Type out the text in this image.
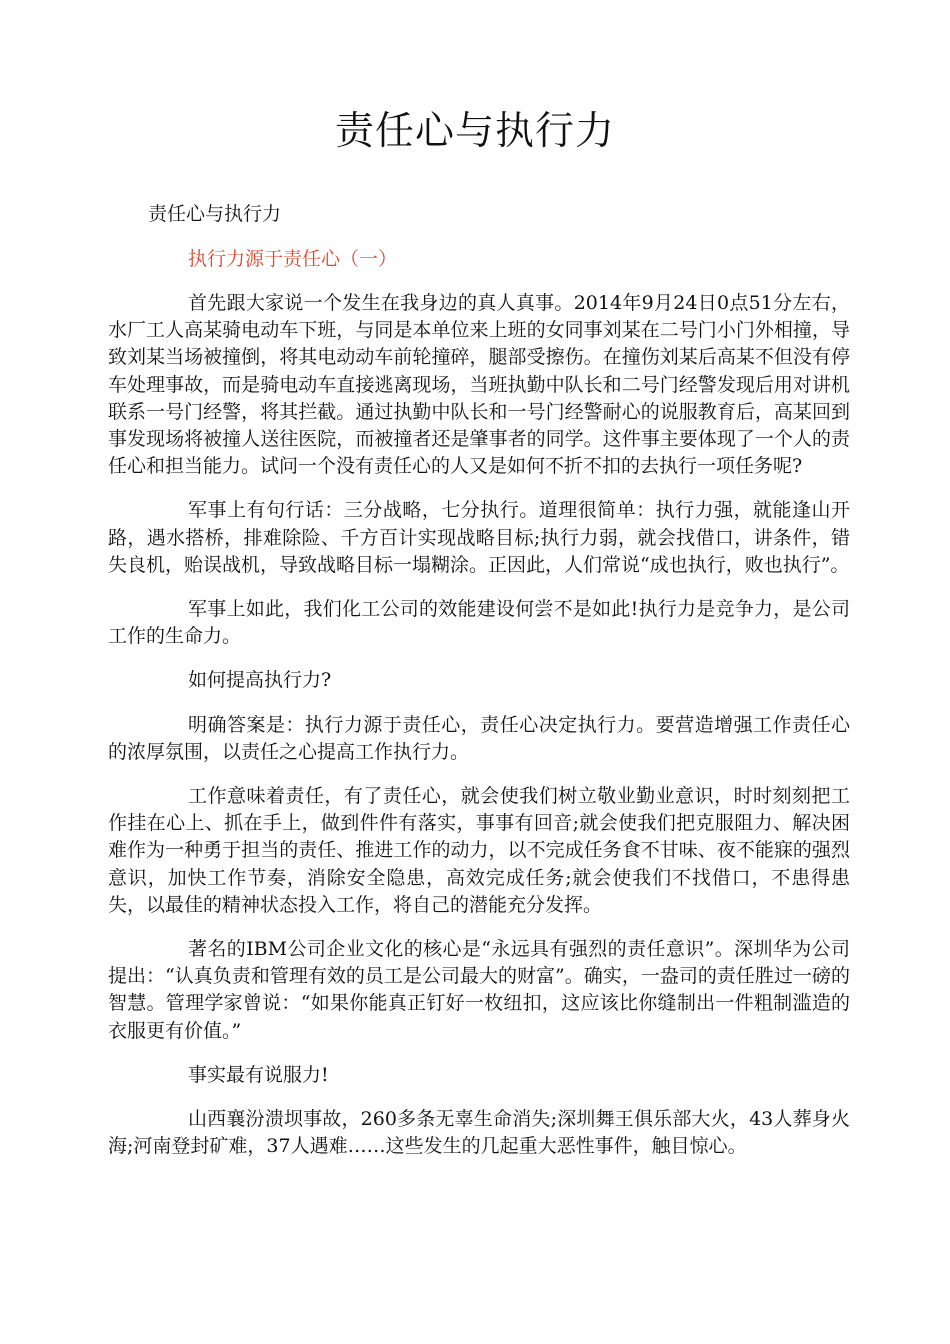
责任心与执行力

责任心与执行力

执行力源于责任心（一）

首先跟大家说一个发生在我身边的真人真事。2014年9月24日0点51分左右，水厂工人高某骑电动车下班，与同是本单位来上班的女同事刘某在二号门小门外相撞，导致刘某当场被撞倒，将其电动动车前轮撞碎，腿部受擦伤。在撞伤刘某后高某不但没有停车处理事故，而是骑电动车直接逃离现场，当班执勤中队长和二号门经警发现后用对讲机联系一号门经警，将其拦截。通过执勤中队长和一号门经警耐心的说服教育后，高某回到事发现场将被撞人送往医院，而被撞者还是肇事者的同学。这件事主要体现了一个人的责任心和担当能力。试问一个没有责任心的人又是如何不折不扣的去执行一项任务呢?

军事上有句行话：三分战略，七分执行。道理很简单：执行力强，就能逢山开路，遇水搭桥，排难除险、千方百计实现战略目标;执行力弱，就会找借口，讲条件，错失良机，贻误战机，导致战略目标一塌糊涂。正因此，人们常说“成也执行，败也执行”。

军事上如此，我们化工公司的效能建设何尝不是如此!执行力是竞争力，是公司工作的生命力。

如何提高执行力?

明确答案是：执行力源于责任心，责任心决定执行力。要营造增强工作责任心的浓厚氛围，以责任之心提高工作执行力。

工作意味着责任，有了责任心，就会使我们树立敬业勤业意识，时时刻刻把工作挂在心上、抓在手上，做到件件有落实，事事有回音;就会使我们把克服阻力、解决困难作为一种勇于担当的责任、推进工作的动力，以不完成任务食不甘味、夜不能寐的强烈意识，加快工作节奏，消除安全隐患，高效完成任务;就会使我们不找借口，不患得患失，以最佳的精神状态投入工作，将自己的潜能充分发挥。

著名的IBM公司企业文化的核心是“永远具有强烈的责任意识”。深圳华为公司提出：“认真负责和管理有效的员工是公司最大的财富”。确实，一盎司的责任胜过一磅的智慧。管理学家曾说：“如果你能真正钉好一枚纽扣，这应该比你缝制出一件粗制滥造的衣服更有价值。”

事实最有说服力!

山西襄汾溃坝事故，260多条无辜生命消失;深圳舞王俱乐部大火，43人葬身火海;河南登封矿难，37人遇难……这些发生的几起重大恶性事件，触目惊心。
